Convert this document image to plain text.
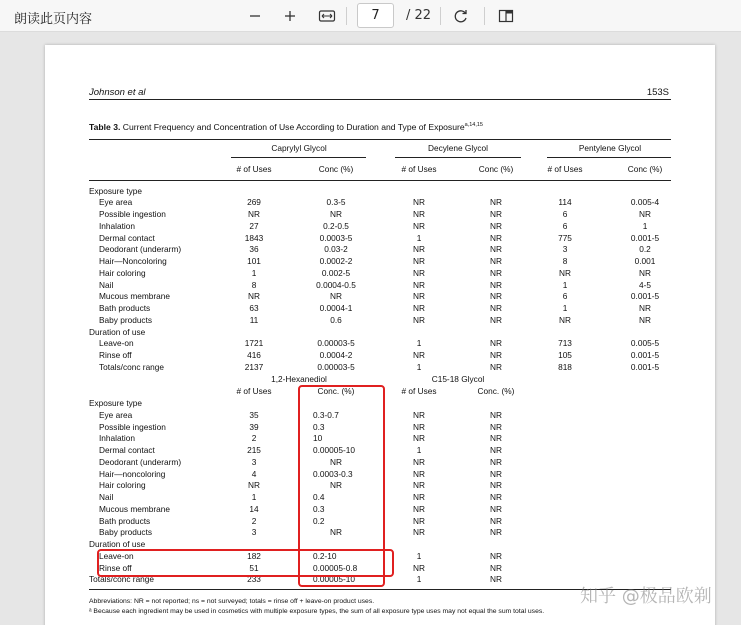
朗读此页内容	7	/ 22
Johnson et al	153S
Table 3. Current Frequency and Concentration of Use According to Duration and Type of Exposure$^{a,14,15}$
Caprylyl Glycol	Decylene Glycol	Pentylene Glycol
# of Uses	Conc (%)	# of Uses	Conc (%)	# of Uses	Conc (%)
Exposure type
Eye area	269	0.3-5	NR	NR	114	0.005-4
Possible ingestion	NR	NR	NR	NR	6	NR
Inhalation	27	0.2-0.5	NR	NR	6	1
Dermal contact	1843	0.0003-5	1	NR	775	0.001-5
Deodorant (underarm)	36	0.03-2	NR	NR	3	0.2
Hair—Noncoloring	101	0.0002-2	NR	NR	8	0.001
Hair coloring	1	0.002-5	NR	NR	NR	NR
Nail	8	0.0004-0.5	NR	NR	1	4-5
Mucous membrane	NR	NR	NR	NR	6	0.001-5
Bath products	63	0.0004-1	NR	NR	1	NR
Baby products	11	0.6	NR	NR	NR	NR
Duration of use
Leave-on	1721	0.00003-5	1	NR	713	0.005-5
Rinse off	416	0.0004-2	NR	NR	105	0.001-5
Totals/conc range	2137	0.00003-5	1	NR	818	0.001-5
1,2-Hexanediol	C15-18 Glycol
# of Uses	Conc. (%)	# of Uses	Conc. (%)
Exposure type
Eye area	35	0.3-0.7	NR	NR
Possible ingestion	39	0.3	NR	NR
Inhalation	2	10	NR	NR
Dermal contact	215	0.00005-10	1	NR
Deodorant (underarm)	3	NR	NR	NR
Hair—noncoloring	4	0.0003-0.3	NR	NR
Hair coloring	NR	NR	NR	NR
Nail	1	0.4	NR	NR
Mucous membrane	14	0.3	NR	NR
Bath products	2	0.2	NR	NR
Baby products	3	NR	NR	NR
Duration of use
Leave-on	182	0.2-10	1	NR
Rinse off	51	0.00005-0.8	NR	NR
Totals/conc range	233	0.00005-10	1	NR
Abbreviations: NR = not reported; ns = not surveyed; totals = rinse off + leave-on product uses.
ᵃ Because each ingredient may be used in cosmetics with multiple exposure types, the sum of all exposure type uses may not equal the sum total uses.
知乎 @极品欧剃
